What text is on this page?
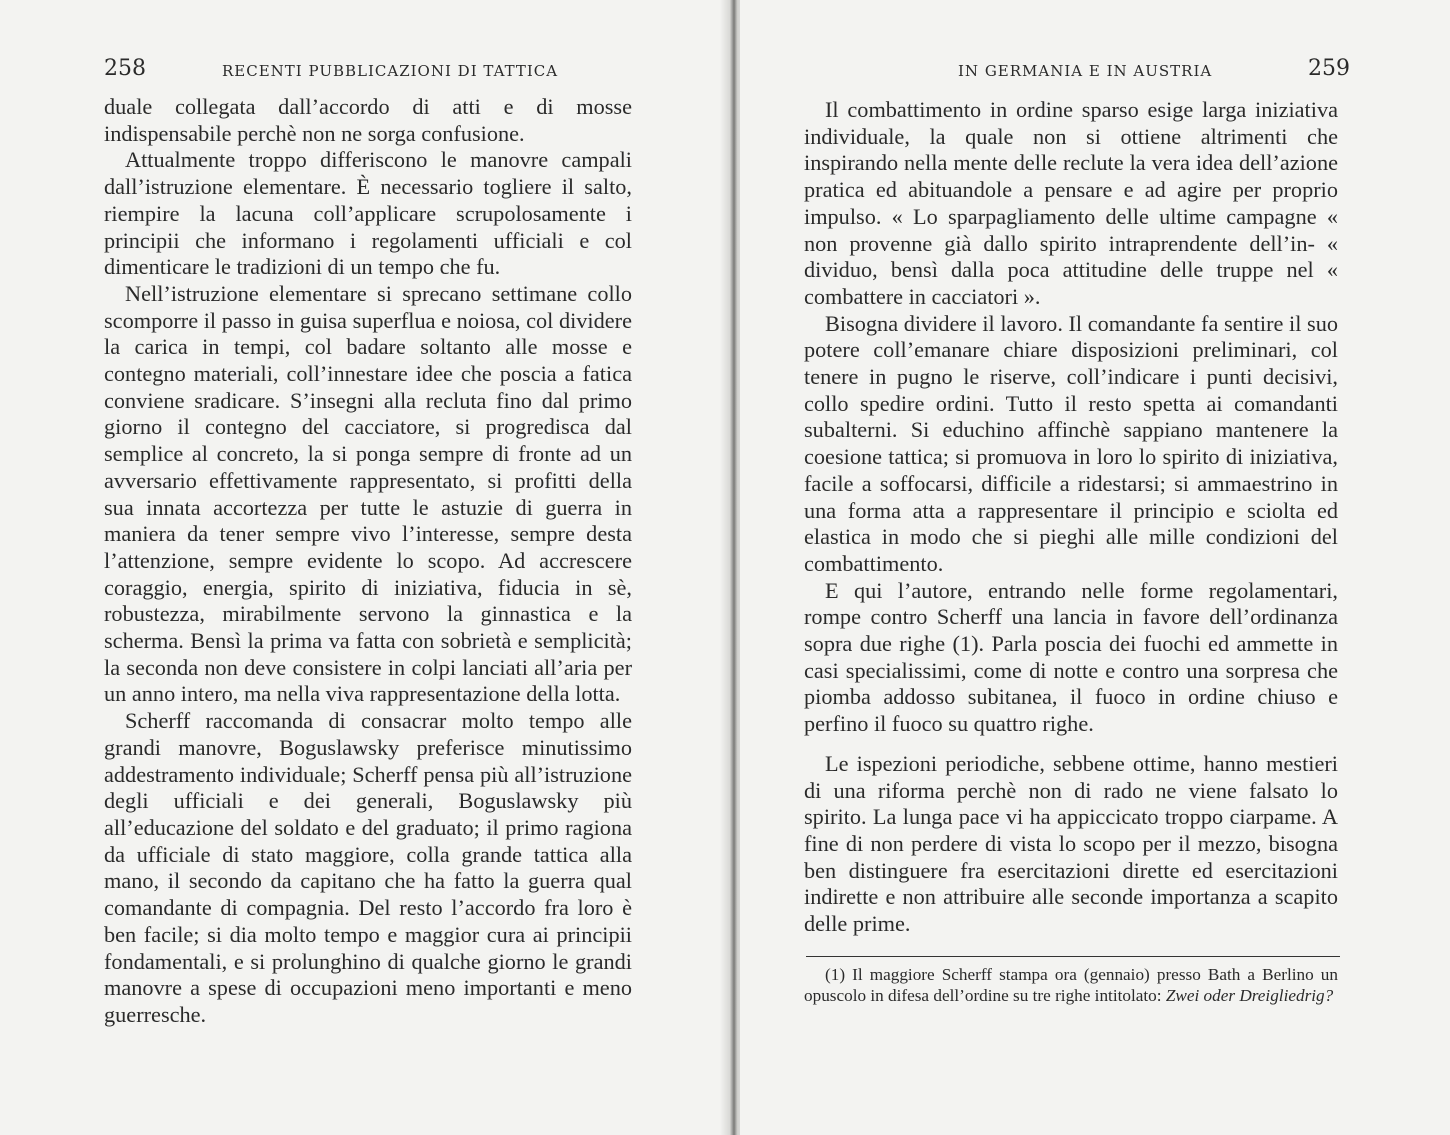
258	RECENTI PUBBLICAZIONI DI TATTICA

duale collegata dall’accordo di atti e di mosse indispensabile perchè non ne sorga confusione.

Attualmente troppo differiscono le manovre campali dall’istruzione elementare. È necessario togliere il salto, riempire la lacuna coll’applicare scrupolosamente i principii che informano i regolamenti ufficiali e col dimenticare le tradizioni di un tempo che fu.

Nell’istruzione elementare si sprecano settimane collo scomporre il passo in guisa superflua e noiosa, col dividere la carica in tempi, col badare soltanto alle mosse e contegno materiali, coll’innestare idee che poscia a fatica conviene sradicare. S’insegni alla recluta fino dal primo giorno il contegno del cacciatore, si progredisca dal semplice al concreto, la si ponga sempre di fronte ad un avversario effettivamente rappresentato, si profitti della sua innata accortezza per tutte le astuzie di guerra in maniera da tener sempre vivo l’interesse, sempre desta l’attenzione, sempre evidente lo scopo. Ad accrescere coraggio, energia, spirito di iniziativa, fiducia in sè, robustezza, mirabilmente servono la ginnastica e la scherma. Bensì la prima va fatta con sobrietà e semplicità; la seconda non deve consistere in colpi lanciati all’aria per un anno intero, ma nella viva rappresentazione della lotta.

Scherff raccomanda di consacrar molto tempo alle grandi manovre, Boguslawsky preferisce minutissimo addestramento individuale; Scherff pensa più all’istruzione degli ufficiali e dei generali, Boguslawsky più all’educazione del soldato e del graduato; il primo ragiona da ufficiale di stato maggiore, colla grande tattica alla mano, il secondo da capitano che ha fatto la guerra qual comandante di compagnia. Del resto l’accordo fra loro è ben facile; si dia molto tempo e maggior cura ai principii fondamentali, e si prolunghino di qualche giorno le grandi manovre a spese di occupazioni meno importanti e meno guerresche.

IN GERMANIA E IN AUSTRIA	259

Il combattimento in ordine sparso esige larga iniziativa individuale, la quale non si ottiene altrimenti che inspirando nella mente delle reclute la vera idea dell’azione pratica ed abituandole a pensare e ad agire per proprio impulso. « Lo sparpagliamento delle ultime campagne « non provenne già dallo spirito intraprendente dell’in- « dividuo, bensì dalla poca attitudine delle truppe nel « combattere in cacciatori ».

Bisogna dividere il lavoro. Il comandante fa sentire il suo potere coll’emanare chiare disposizioni preliminari, col tenere in pugno le riserve, coll’indicare i punti decisivi, collo spedire ordini. Tutto il resto spetta ai comandanti subalterni. Si educhino affinchè sappiano mantenere la coesione tattica; si promuova in loro lo spirito di iniziativa, facile a soffocarsi, difficile a ridestarsi; si ammaestrino in una forma atta a rappresentare il principio e sciolta ed elastica in modo che si pieghi alle mille condizioni del combattimento.

E qui l’autore, entrando nelle forme regolamentari, rompe contro Scherff una lancia in favore dell’ordinanza sopra due righe (1). Parla poscia dei fuochi ed ammette in casi specialissimi, come di notte e contro una sorpresa che piomba addosso subitanea, il fuoco in ordine chiuso e perfino il fuoco su quattro righe.

Le ispezioni periodiche, sebbene ottime, hanno mestieri di una riforma perchè non di rado ne viene falsato lo spirito. La lunga pace vi ha appiccicato troppo ciarpame. A fine di non perdere di vista lo scopo per il mezzo, bisogna ben distinguere fra esercitazioni dirette ed esercitazioni indirette e non attribuire alle seconde importanza a scapito delle prime.

(1) Il maggiore Scherff stampa ora (gennaio) presso Bath a Berlino un opuscolo in difesa dell’ordine su tre righe intitolato: Zwei oder Dreigliedrig?
